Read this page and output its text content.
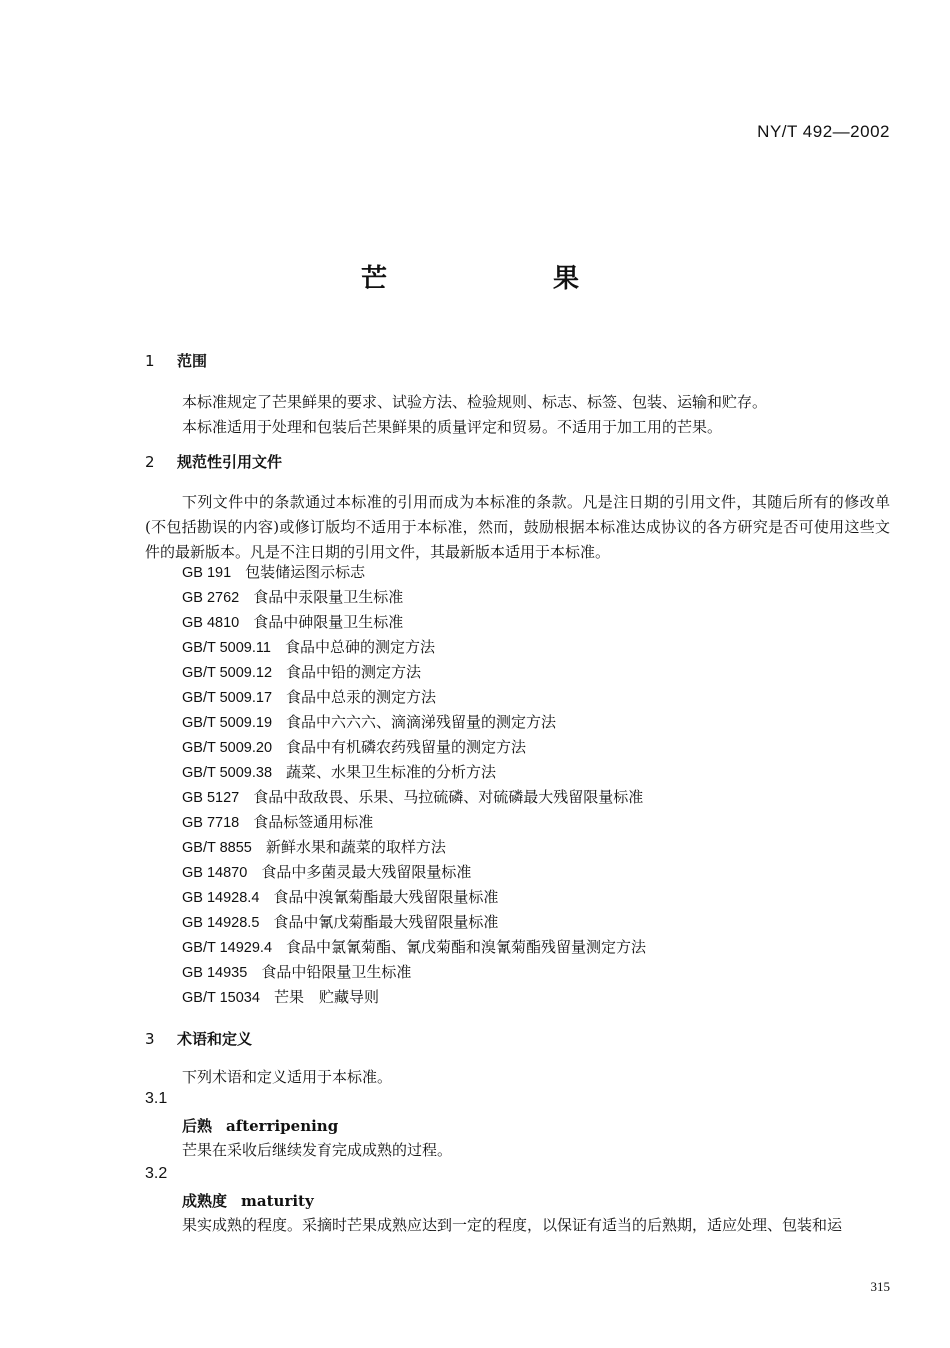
NY/T 492—2002
芒　果
1 范围
本标准规定了芒果鲜果的要求、试验方法、检验规则、标志、标签、包装、运输和贮存。
本标准适用于处理和包装后芒果鲜果的质量评定和贸易。不适用于加工用的芒果。
2 规范性引用文件
下列文件中的条款通过本标准的引用而成为本标准的条款。凡是注日期的引用文件，其随后所有的修改单(不包括勘误的内容)或修订版均不适用于本标准，然而，鼓励根据本标准达成协议的各方研究是否可使用这些文件的最新版本。凡是不注日期的引用文件，其最新版本适用于本标准。
GB 191 包装储运图示标志
GB 2762 食品中汞限量卫生标准
GB 4810 食品中砷限量卫生标准
GB/T 5009.11 食品中总砷的测定方法
GB/T 5009.12 食品中铅的测定方法
GB/T 5009.17 食品中总汞的测定方法
GB/T 5009.19 食品中六六六、滴滴涕残留量的测定方法
GB/T 5009.20 食品中有机磷农药残留量的测定方法
GB/T 5009.38 蔬菜、水果卫生标准的分析方法
GB 5127 食品中敌敌畏、乐果、马拉硫磷、对硫磷最大残留限量标准
GB 7718 食品标签通用标准
GB/T 8855 新鲜水果和蔬菜的取样方法
GB 14870 食品中多菌灵最大残留限量标准
GB 14928.4 食品中溴氰菊酯最大残留限量标准
GB 14928.5 食品中氰戊菊酯最大残留限量标准
GB/T 14929.4 食品中氯氰菊酯、氰戊菊酯和溴氰菊酯残留量测定方法
GB 14935 食品中铅限量卫生标准
GB/T 15034 芒果　贮藏导则
3 术语和定义
下列术语和定义适用于本标准。
3.1
后熟 afterripening
芒果在采收后继续发育完成成熟的过程。
3.2
成熟度 maturity
果实成熟的程度。采摘时芒果成熟应达到一定的程度，以保证有适当的后熟期，适应处理、包装和运
315
